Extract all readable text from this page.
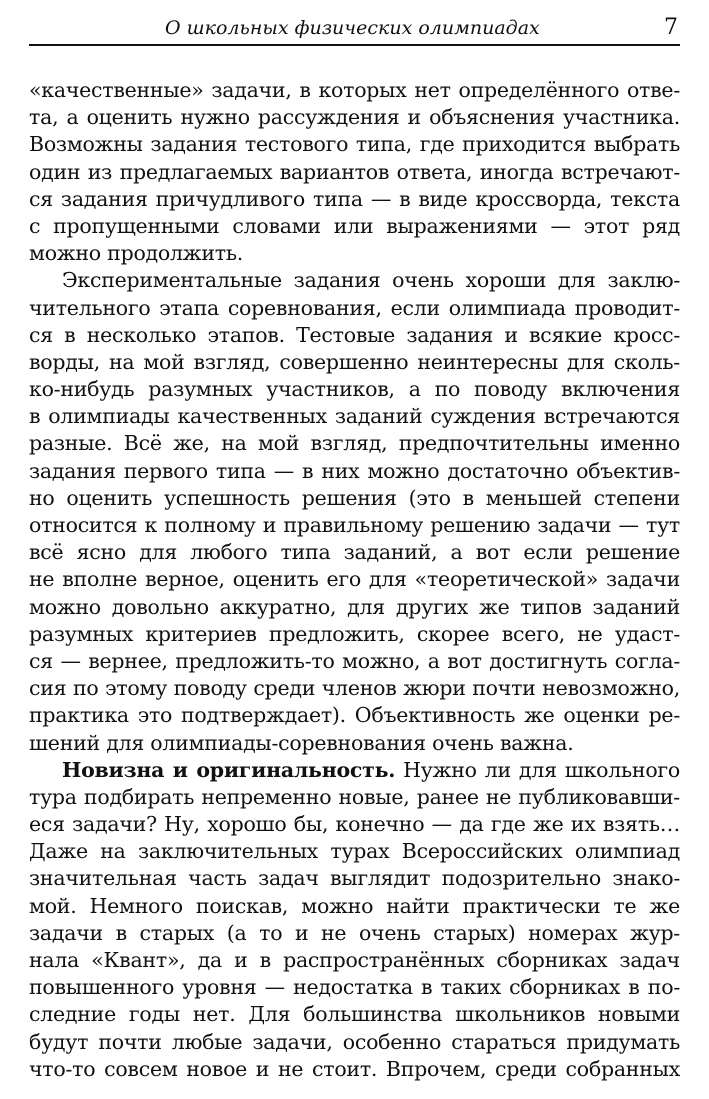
О школьных физических олимпиадах	7
«качественные» задачи, в которых нет определённого отве-
та, а оценить нужно рассуждения и объяснения участника.
Возможны задания тестового типа, где приходится выбрать
один из предлагаемых вариантов ответа, иногда встречают-
ся задания причудливого типа — в виде кроссворда, текста
с пропущенными словами или выражениями — этот ряд
можно продолжить.
Экспериментальные задания очень хороши для заклю-
чительного этапа соревнования, если олимпиада проводит-
ся в несколько этапов. Тестовые задания и всякие кросс-
ворды, на мой взгляд, совершенно неинтересны для сколь-
ко-нибудь разумных участников, а по поводу включения
в олимпиады качественных заданий суждения встречаются
разные. Всё же, на мой взгляд, предпочтительны именно
задания первого типа — в них можно достаточно объектив-
но оценить успешность решения (это в меньшей степени
относится к полному и правильному решению задачи — тут
всё ясно для любого типа заданий, а вот если решение
не вполне верное, оценить его для «теоретической» задачи
можно довольно аккуратно, для других же типов заданий
разумных критериев предложить, скорее всего, не удаст-
ся — вернее, предложить-то можно, а вот достигнуть согла-
сия по этому поводу среди членов жюри почти невозможно,
практика это подтверждает). Объективность же оценки ре-
шений для олимпиады-соревнования очень важна.
Новизна и оригинальность. Нужно ли для школьного
тура подбирать непременно новые, ранее не публиковавши-
еся задачи? Ну, хорошо бы, конечно — да где же их взять…
Даже на заключительных турах Всероссийских олимпиад
значительная часть задач выглядит подозрительно знако-
мой. Немного поискав, можно найти практически те же
задачи в старых (а то и не очень старых) номерах жур-
нала «Квант», да и в распространённых сборниках задач
повышенного уровня — недостатка в таких сборниках в по-
следние годы нет. Для большинства школьников новыми
будут почти любые задачи, особенно стараться придумать
что-то совсем новое и не стоит. Впрочем, среди собранных
